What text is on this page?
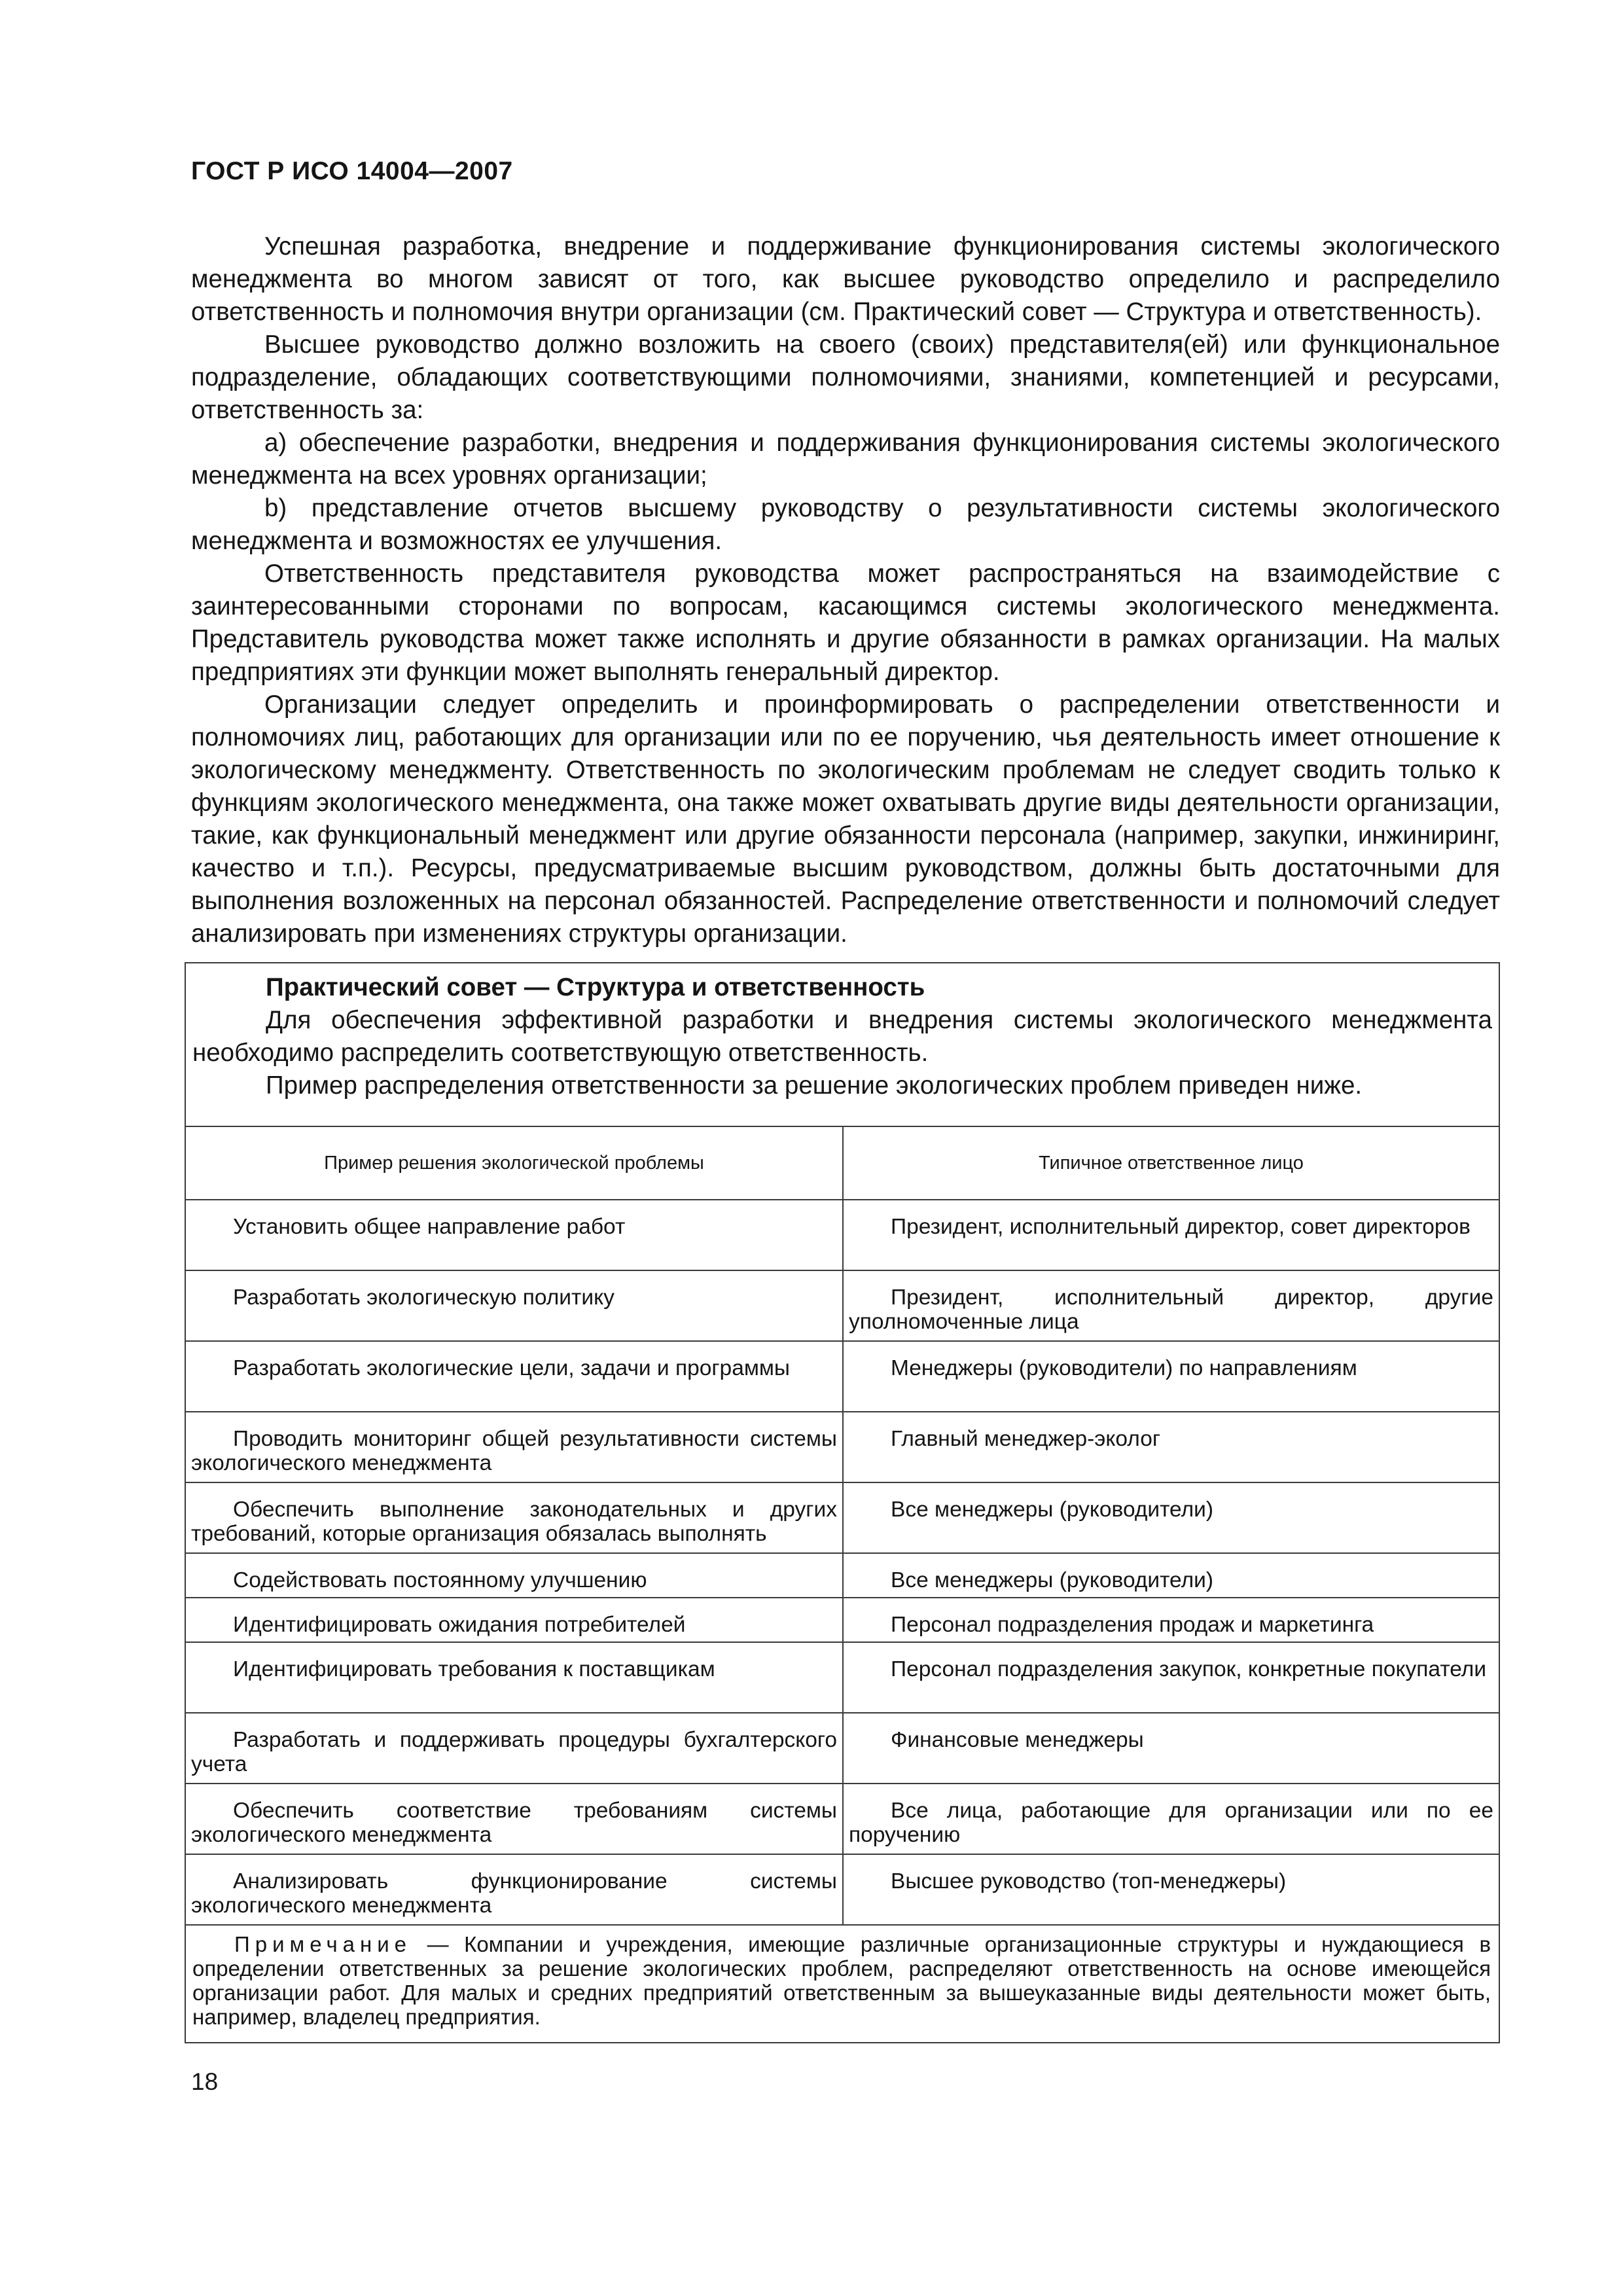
ГОСТ Р ИСО 14004—2007

Успешная разработка, внедрение и поддерживание функционирования системы экологического менеджмента во многом зависят от того, как высшее руководство определило и распределило ответственность и полномочия внутри организации (см. Практический совет — Структура и ответственность).

Высшее руководство должно возложить на своего (своих) представителя(ей) или функциональное подразделение, обладающих соответствующими полномочиями, знаниями, компетенцией и ресурсами, ответственность за:

a) обеспечение разработки, внедрения и поддерживания функционирования системы экологического менеджмента на всех уровнях организации;

b) представление отчетов высшему руководству о результативности системы экологического менеджмента и возможностях ее улучшения.

Ответственность представителя руководства может распространяться на взаимодействие с заинтересованными сторонами по вопросам, касающимся системы экологического менеджмента. Представитель руководства может также исполнять и другие обязанности в рамках организации. На малых предприятиях эти функции может выполнять генеральный директор.

Организации следует определить и проинформировать о распределении ответственности и полномочиях лиц, работающих для организации или по ее поручению, чья деятельность имеет отношение к экологическому менеджменту. Ответственность по экологическим проблемам не следует сводить только к функциям экологического менеджмента, она также может охватывать другие виды деятельности организации, такие, как функциональный менеджмент или другие обязанности персонала (например, закупки, инжиниринг, качество и т.п.). Ресурсы, предусматриваемые высшим руководством, должны быть достаточными для выполнения возложенных на персонал обязанностей. Распределение ответственности и полномочий следует анализировать при изменениях структуры организации.

Практический совет — Структура и ответственность

Для обеспечения эффективной разработки и внедрения системы экологического менеджмента необходимо распределить соответствующую ответственность.

Пример распределения ответственности за решение экологических проблем приведен ниже.

Пример решения экологической проблемы	Типичное ответственное лицо
Установить общее направление работ	Президент, исполнительный директор, совет директоров
Разработать экологическую политику	Президент, исполнительный директор, другие уполномоченные лица
Разработать экологические цели, задачи и программы	Менеджеры (руководители) по направлениям
Проводить мониторинг общей результативности системы экологического менеджмента	Главный менеджер-эколог
Обеспечить выполнение законодательных и других требований, которые организация обязалась выполнять	Все менеджеры (руководители)
Содействовать постоянному улучшению	Все менеджеры (руководители)
Идентифицировать ожидания потребителей	Персонал подразделения продаж и маркетинга
Идентифицировать требования к поставщикам	Персонал подразделения закупок, конкретные покупатели
Разработать и поддерживать процедуры бухгалтерского учета	Финансовые менеджеры
Обеспечить соответствие требованиям системы экологического менеджмента	Все лица, работающие для организации или по ее поручению
Анализировать функционирование системы экологического менеджмента	Высшее руководство (топ-менеджеры)
Примечание — Компании и учреждения, имеющие различные организационные структуры и нуждающиеся в определении ответственных за решение экологических проблем, распределяют ответственность на основе имеющейся организации работ. Для малых и средних предприятий ответственным за вышеуказанные виды деятельности может быть, например, владелец предприятия.
18
